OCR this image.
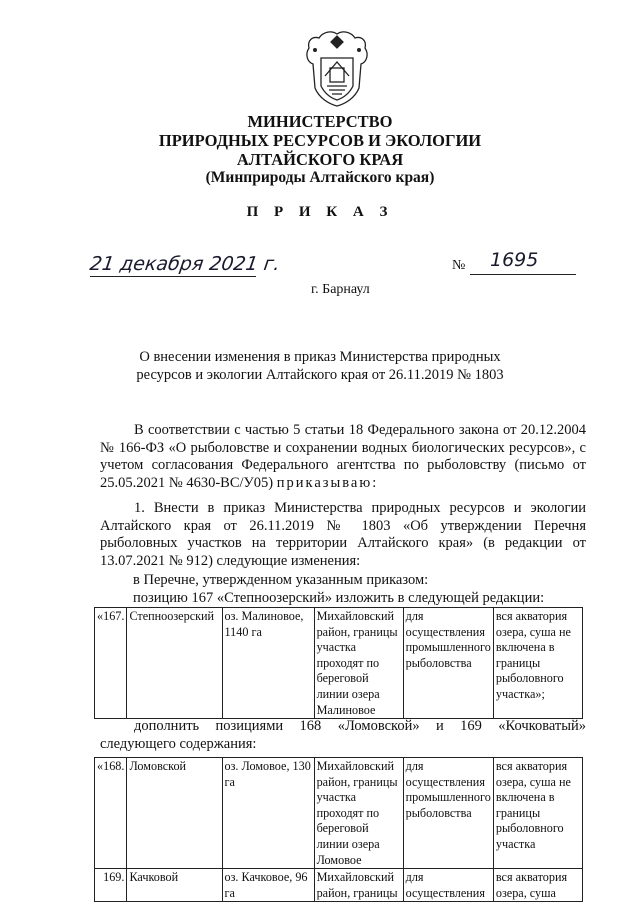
МИНИСТЕРСТВО
ПРИРОДНЫХ РЕСУРСОВ И ЭКОЛОГИИ
АЛТАЙСКОГО КРАЯ
(Минприроды Алтайского края)
П Р И К А З
21 декабря 2021 г.	№ 1695
г. Барнаул
О внесении изменения в приказ Министерства природных
ресурсов и экологии Алтайского края от 26.11.2019 № 1803
В соответствии с частью 5 статьи 18 Федерального закона от 20.12.2004 № 166-ФЗ «О рыболовстве и сохранении водных биологических ресурсов», с учетом согласования Федерального агентства по рыболовству (письмо от 25.05.2021 № 4630-ВС/У05) приказываю:
1. Внести в приказ Министерства природных ресурсов и экологии Алтайского края от 26.11.2019 № 1803 «Об утверждении Перечня рыболовных участков на территории Алтайского края» (в редакции от 13.07.2021 № 912) следующие изменения:
в Перечне, утвержденном указанным приказом:
позицию 167 «Степноозерский» изложить в следующей редакции:
«167.	Степноозерский	оз. Малиновое, 1140 га	Михайловский район, границы участка проходят по береговой линии озера Малиновое	для осуществления промышленного рыболовства	вся акватория озера, суша не включена в границы рыболовного участка»;
дополнить позициями 168 «Ломовской» и 169 «Кочковатый» следующего содержания:
«168.	Ломовской	оз. Ломовое, 130 га	Михайловский район, границы участка проходят по береговой линии озера Ломовое	для осуществления промышленного рыболовства	вся акватория озера, суша не включена в границы рыболовного участка
169.	Качковой	оз. Качковое, 96 га	Михайловский район, границы	для осуществления	вся акватория озера, суша
